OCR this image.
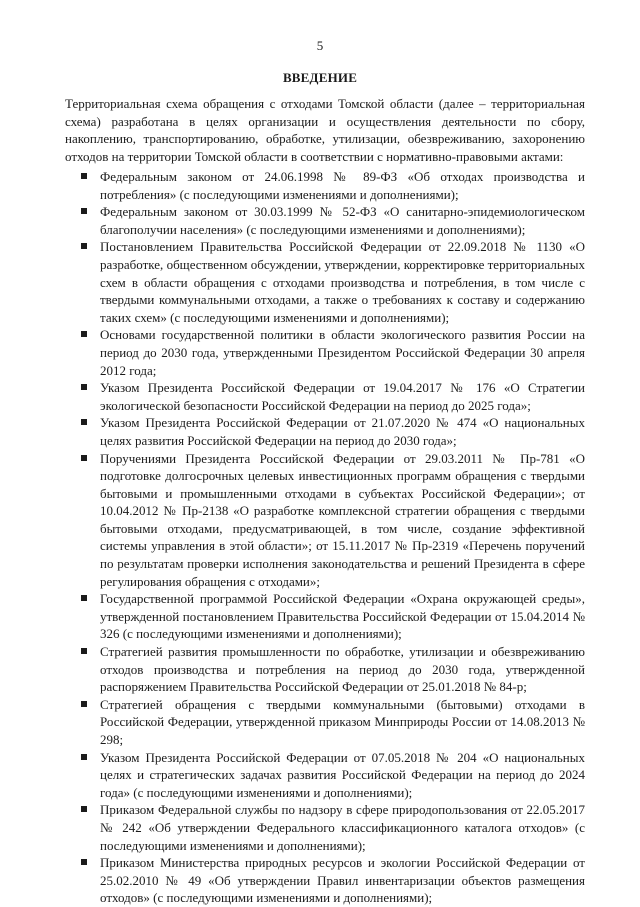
5
ВВЕДЕНИЕ

Территориальная схема обращения с отходами Томской области (далее – территориальная схема) разработана в целях организации и осуществления деятельности по сбору, накоплению, транспортированию, обработке, утилизации, обезвреживанию, захоронению отходов на территории Томской области в соответствии с нормативно-правовыми актами:

Федеральным законом от 24.06.1998 № 89-ФЗ «Об отходах производства и потребления» (с последующими изменениями и дополнениями);
Федеральным законом от 30.03.1999 № 52-ФЗ «О санитарно-эпидемиологическом благополучии населения» (с последующими изменениями и дополнениями);
Постановлением Правительства Российской Федерации от 22.09.2018 № 1130 «О разработке, общественном обсуждении, утверждении, корректировке территориальных схем в области обращения с отходами производства и потребления, в том числе с твердыми коммунальными отходами, а также о требованиях к составу и содержанию таких схем» (с последующими изменениями и дополнениями);
Основами государственной политики в области экологического развития России на период до 2030 года, утвержденными Президентом Российской Федерации 30 апреля 2012 года;
Указом Президента Российской Федерации от 19.04.2017 № 176 «О Стратегии экологической безопасности Российской Федерации на период до 2025 года»;
Указом Президента Российской Федерации от 21.07.2020 № 474 «О национальных целях развития Российской Федерации на период до 2030 года»;
Поручениями Президента Российской Федерации от 29.03.2011 № Пр-781 «О подготовке долгосрочных целевых инвестиционных программ обращения с твердыми бытовыми и промышленными отходами в субъектах Российской Федерации»; от 10.04.2012 № Пр-2138 «О разработке комплексной стратегии обращения с твердыми бытовыми отходами, предусматривающей, в том числе, создание эффективной системы управления в этой области»; от 15.11.2017 № Пр-2319 «Перечень поручений по результатам проверки исполнения законодательства и решений Президента в сфере регулирования обращения с отходами»;
Государственной программой Российской Федерации «Охрана окружающей среды», утвержденной постановлением Правительства Российской Федерации от 15.04.2014 № 326 (с последующими изменениями и дополнениями);
Стратегией развития промышленности по обработке, утилизации и обезвреживанию отходов производства и потребления на период до 2030 года, утвержденной распоряжением Правительства Российской Федерации от 25.01.2018 № 84-р;
Стратегией обращения с твердыми коммунальными (бытовыми) отходами в Российской Федерации, утвержденной приказом Минприроды России от 14.08.2013 № 298;
Указом Президента Российской Федерации от 07.05.2018 № 204 «О национальных целях и стратегических задачах развития Российской Федерации на период до 2024 года» (с последующими изменениями и дополнениями);
Приказом Федеральной службы по надзору в сфере природопользования от 22.05.2017 № 242 «Об утверждении Федерального классификационного каталога отходов» (с последующими изменениями и дополнениями);
Приказом Министерства природных ресурсов и экологии Российской Федерации от 25.02.2010 № 49 «Об утверждении Правил инвентаризации объектов размещения отходов» (с последующими изменениями и дополнениями);
